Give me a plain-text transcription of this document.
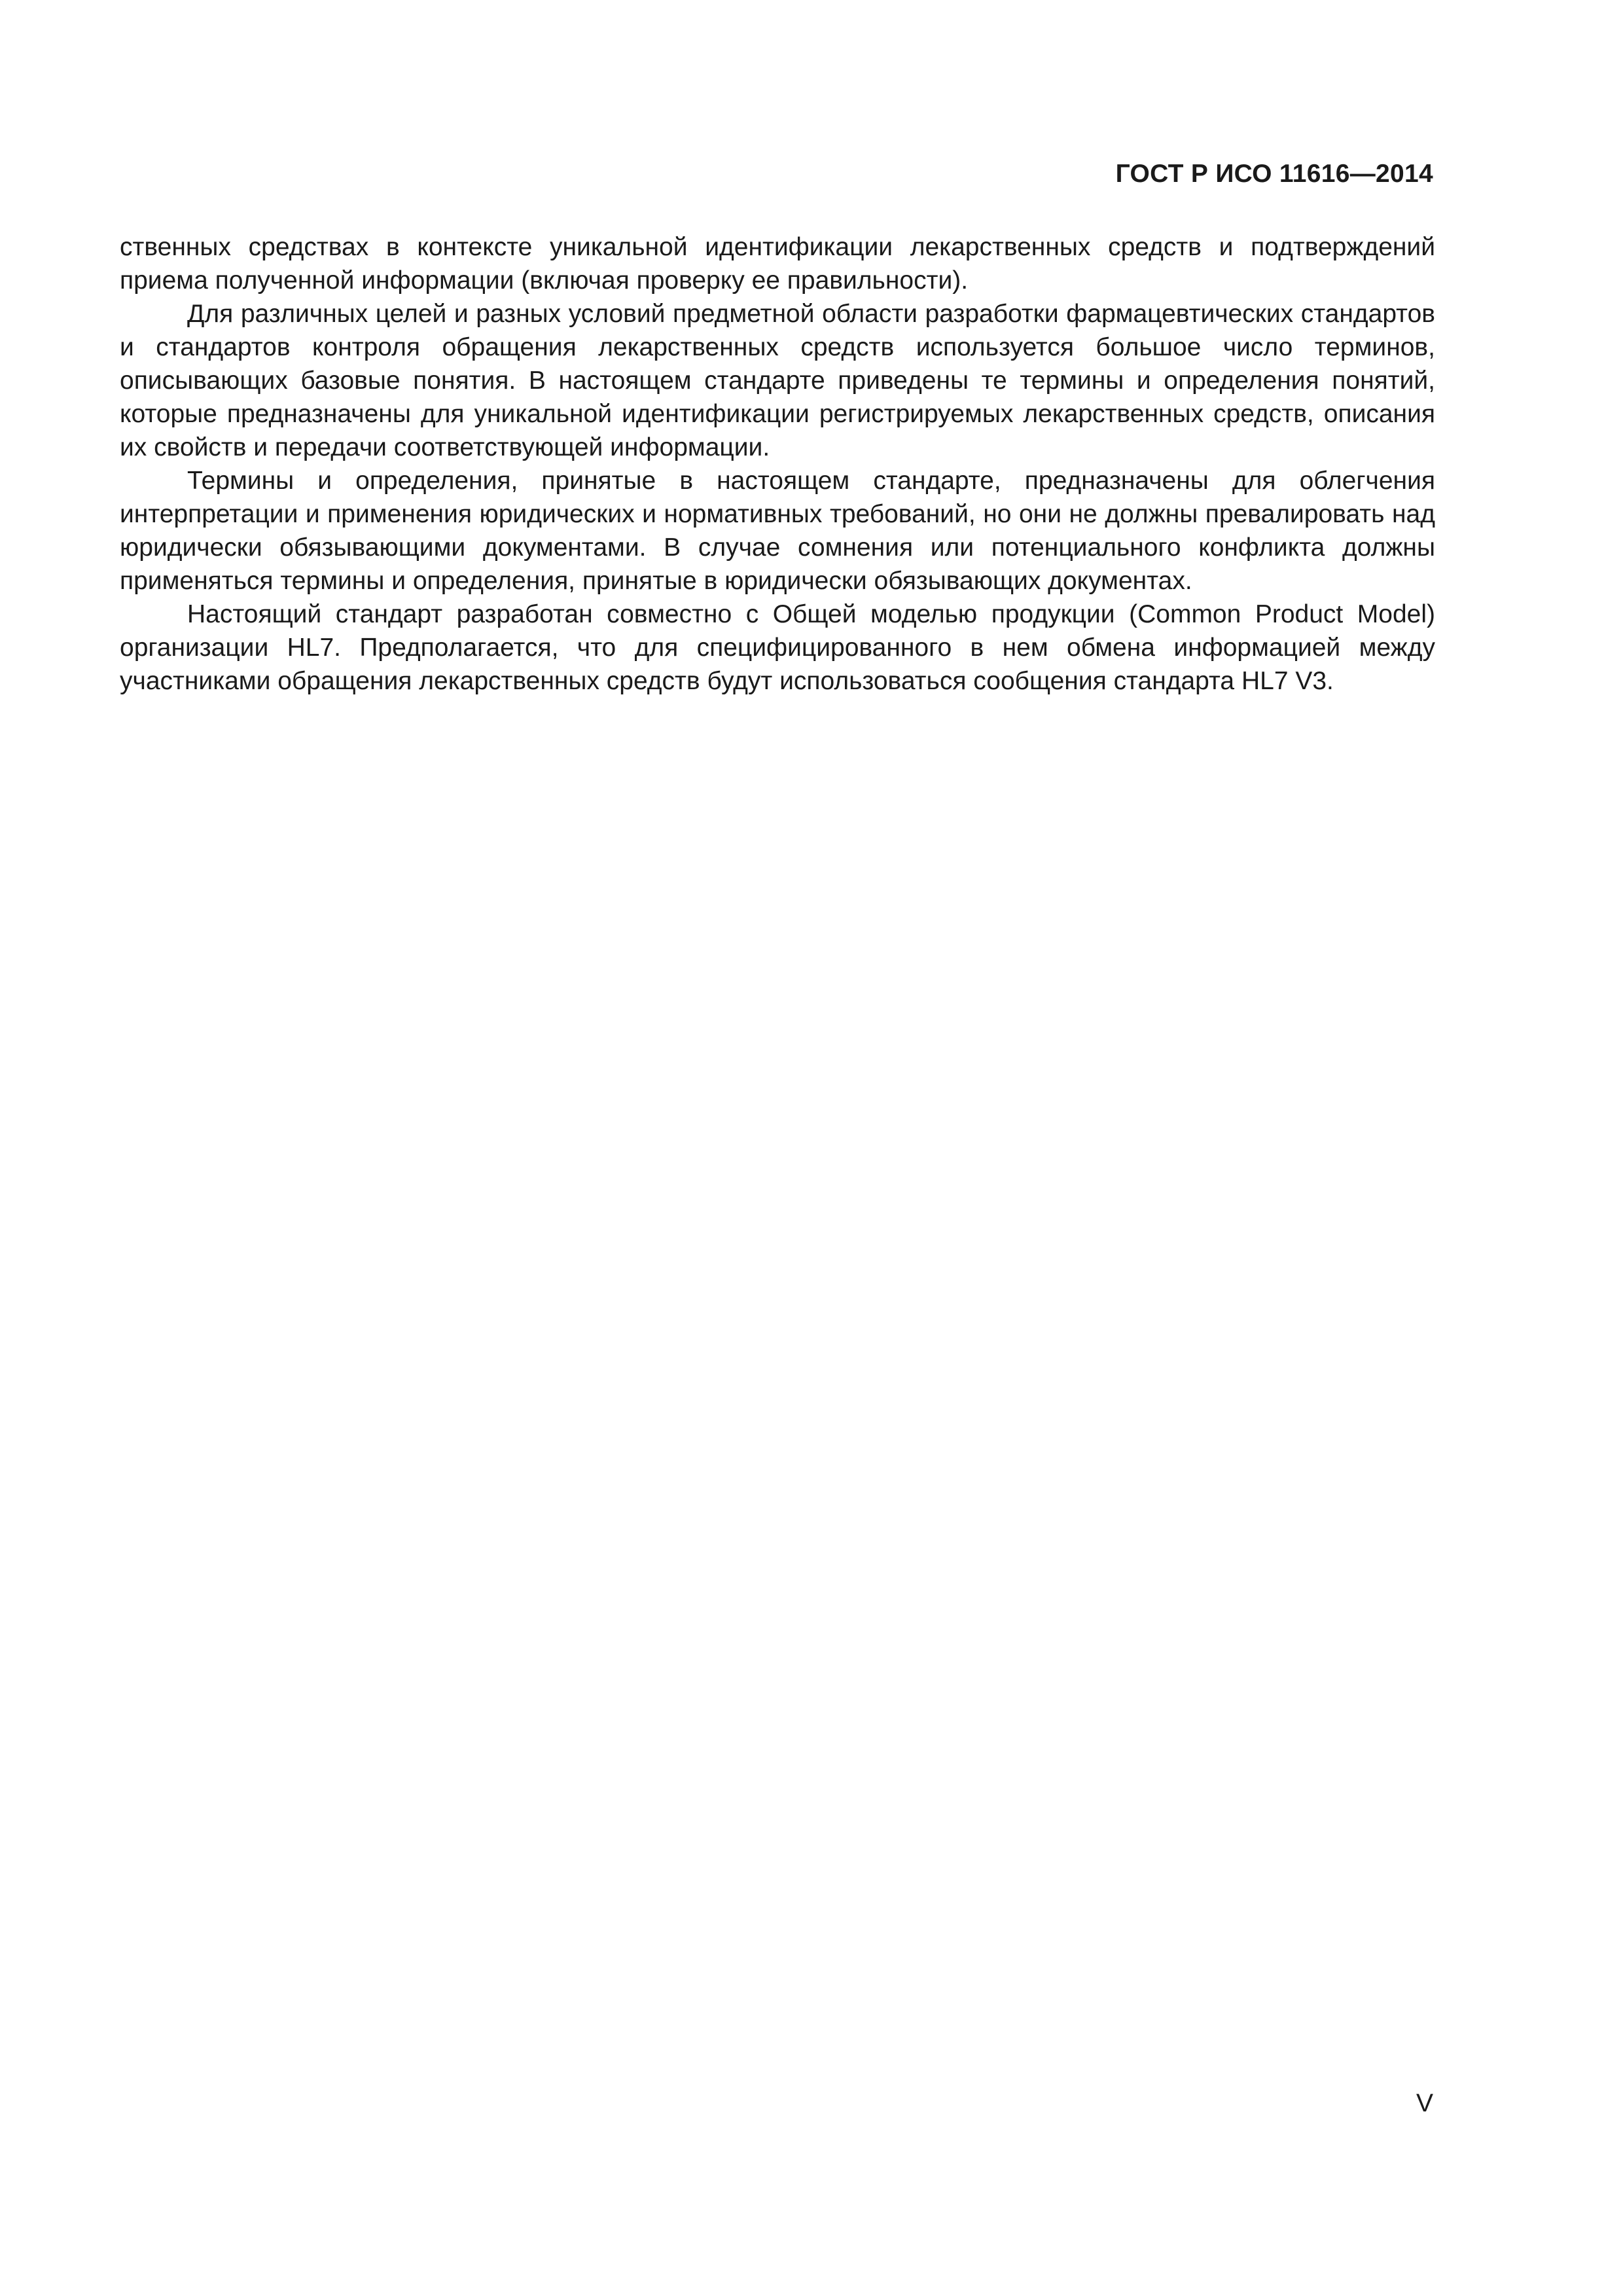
ГОСТ Р ИСО 11616—2014

ственных средствах в контексте уникальной идентификации лекарственных средств и подтверждений приема полученной информации (включая проверку ее правильности).

Для различных целей и разных условий предметной области разработки фармацевтических стандартов и стандартов контроля обращения лекарственных средств используется большое число терминов, описывающих базовые понятия. В настоящем стандарте приведены те термины и определения понятий, которые предназначены для уникальной идентификации регистрируемых лекарственных средств, описания их свойств и передачи соответствующей информации.

Термины и определения, принятые в настоящем стандарте, предназначены для облегчения интерпретации и применения юридических и нормативных требований, но они не должны превалировать над юридически обязывающими документами. В случае сомнения или потенциального конфликта должны применяться термины и определения, принятые в юридически обязывающих документах.

Настоящий стандарт разработан совместно с Общей моделью продукции (Common Product Model) организации HL7. Предполагается, что для специфицированного в нем обмена информацией между участниками обращения лекарственных средств будут использоваться сообщения стандарта HL7 V3.

V
